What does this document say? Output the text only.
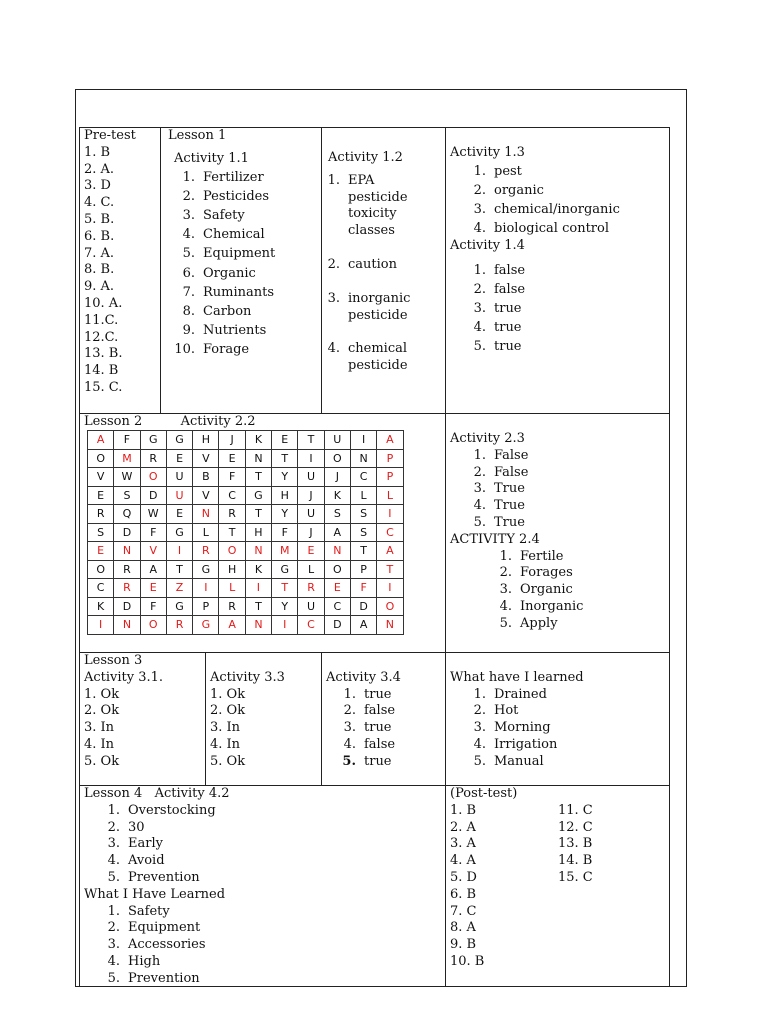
Pre-test
1. B
2. A.
3. D
4. C.
5. B.
6. B.
7. A.
8. B.
9. A.
10. A.
11.C.
12.C.
13. B.
14. B
15. C.
Lesson 1
Activity 1.1
1. Fertilizer
2. Pesticides
3. Safety
4. Chemical
5. Equipment
6. Organic
7. Ruminants
8. Carbon
9. Nutrients
10. Forage
Activity 1.2
1. EPA pesticide toxicity classes
2. caution
3. inorganic pesticide
4. chemical pesticide
Activity 1.3
1. pest
2. organic
3. chemical/inorganic
4. biological control
Activity 1.4
1. false
2. false
3. true
4. true
5. true
Lesson 2	Activity 2.2
A	F	G	G	H	J	K	E	T	U	I	A
O	M	R	E	V	E	N	T	I	O	N	P
V	W	O	U	B	F	T	Y	U	J	C	P
E	S	D	U	V	C	G	H	J	K	L	L
R	Q	W	E	N	R	T	Y	U	S	S	I
S	D	F	G	L	T	H	F	J	A	S	C
E	N	V	I	R	O	N	M	E	N	T	A
O	R	A	T	G	H	K	G	L	O	P	T
C	R	E	Z	I	L	I	T	R	E	F	I
K	D	F	G	P	R	T	Y	U	C	D	O
I	N	O	R	G	A	N	I	C	D	A	N
Activity 2.3
1. False
2. False
3. True
4. True
5. True
ACTIVITY 2.4
1. Fertile
2. Forages
3. Organic
4. Inorganic
5. Apply
Lesson 3
Activity 3.1.
1. Ok
2. Ok
3. In
4. In
5. Ok
Activity 3.3
1. Ok
2. Ok
3. In
4. In
5. Ok
Activity 3.4
1. true
2. false
3. true
4. false
5. true
What have I learned
1. Drained
2. Hot
3. Morning
4. Irrigation
5. Manual
Lesson 4 Activity 4.2
1. Overstocking
2. 30
3. Early
4. Avoid
5. Prevention
What I Have Learned
1. Safety
2. Equipment
3. Accessories
4. High
5. Prevention
(Post-test)
1. B
2. A
3. A
4. A
5. D
6. B
7. C
8. A
9. B
10. B
11. C
12. C
13. B
14. B
15. C
